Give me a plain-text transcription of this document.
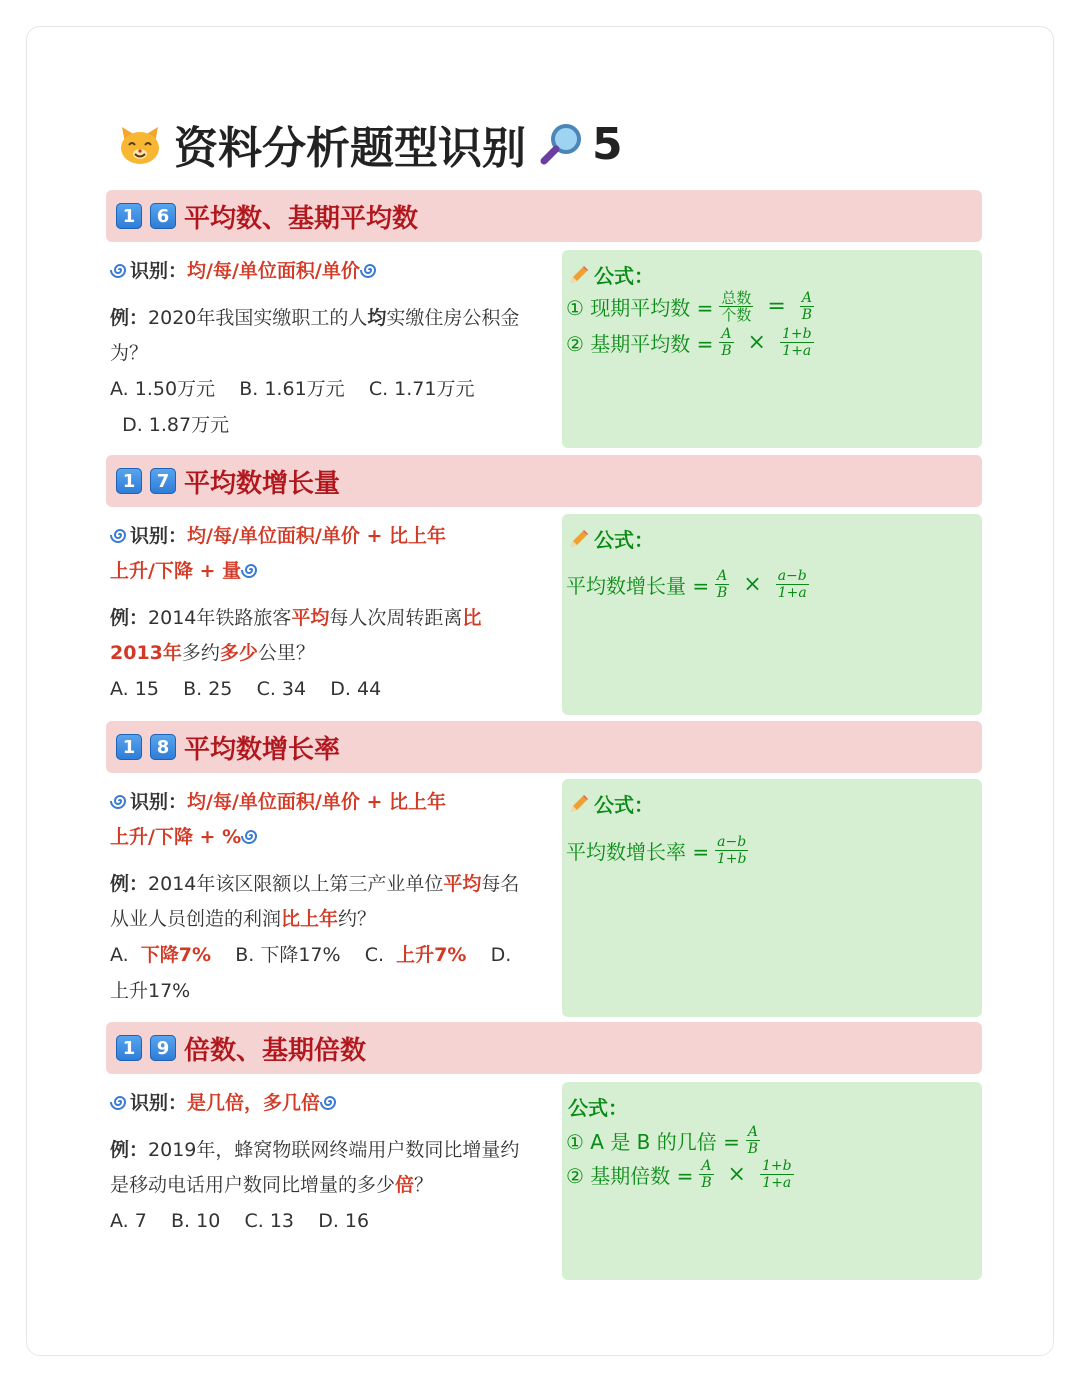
资料分析题型识别 5
1	6 平均数、基期平均数
识别：均/每/单位面积/单价
例：2020年我国实缴职工的人均实缴住房公积金为？
A. 1.50万元 B. 1.61万元 C. 1.71万元
D. 1.87万元
公式：
① 现期平均数 = $\frac{\text{总数}}{\text{个数}} = \frac{A}{B}$
② 基期平均数 = $\frac{A}{B} \times \frac{1+b}{1+a}$
1	7 平均数增长量
识别：均/每/单位面积/单价 + 比上年
上升/下降 + 量
例：2014年铁路旅客平均每人次周转距离比2013年多约多少公里？
A. 15 B. 25 C. 34 D. 44
公式：
平均数增长量 = $\frac{A}{B} \times \frac{a-b}{1+a}$
1	8 平均数增长率
识别：均/每/单位面积/单价 + 比上年
上升/下降 + %
例：2014年该区限额以上第三产业单位平均每名从业人员创造的利润比上年约？
A. 下降7% B. 下降17% C. 上升7% D. 上升17%
公式：
平均数增长率 = $\frac{a-b}{1+b}$
1	9 倍数、基期倍数
识别：是几倍，多几倍
例：2019年，蜂窝物联网终端用户数同比增量约是移动电话用户数同比增量的多少倍？
A. 7 B. 10 C. 13 D. 16
公式：
① A 是 B 的几倍 = $\frac{A}{B}$
② 基期倍数 = $\frac{A}{B} \times \frac{1+b}{1+a}$
